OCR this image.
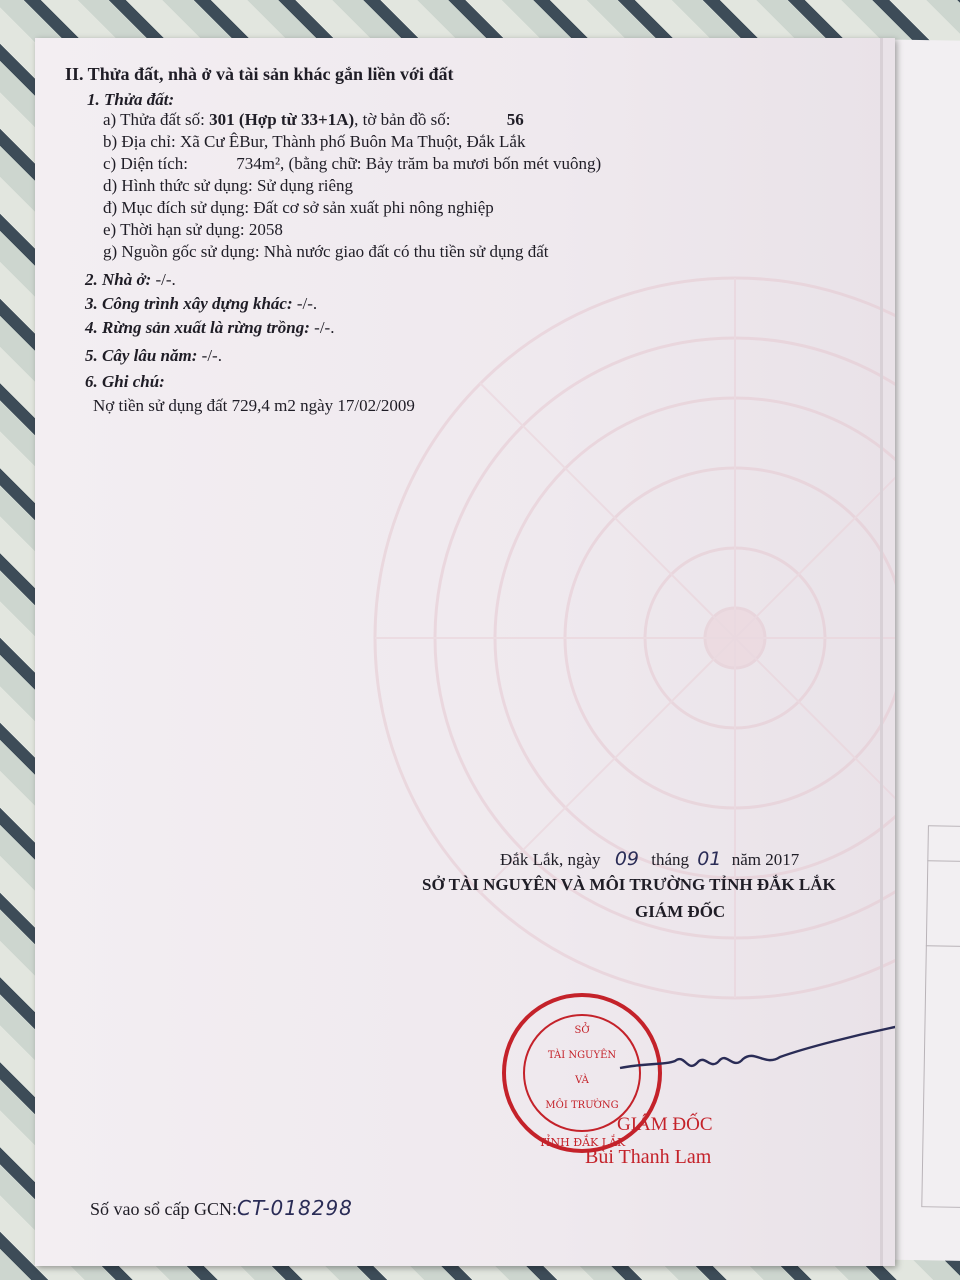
II. Thửa đất, nhà ở và tài sản khác gắn liền với đất
1. Thửa đất:
a) Thửa đất số: 301 (Hợp từ 33+1A), tờ bản đồ số:	56
b) Địa chỉ: Xã Cư ÊBur, Thành phố Buôn Ma Thuột, Đắk Lắk
c) Diện tích:	734m², (bằng chữ: Bảy trăm ba mươi bốn mét vuông)
d) Hình thức sử dụng: Sử dụng riêng
đ) Mục đích sử dụng: Đất cơ sở sản xuất phi nông nghiệp
e) Thời hạn sử dụng: 2058
g) Nguồn gốc sử dụng: Nhà nước giao đất có thu tiền sử dụng đất
2. Nhà ở: -/-.
3. Công trình xây dựng khác: -/-.
4. Rừng sản xuất là rừng trồng: -/-.
5. Cây lâu năm: -/-.
6. Ghi chú:
Nợ tiền sử dụng đất 729,4 m2 ngày 17/02/2009
Đắk Lắk, ngày 09 tháng 01 năm 2017
SỞ TÀI NGUYÊN VÀ MÔI TRƯỜNG TỈNH ĐẮK LẮK
GIÁM ĐỐC
SỞ
TÀI NGUYÊN
VÀ
MÔI TRƯỜNG
TỈNH ĐẮK LẮK
GIÁM ĐỐC
Bùi Thanh Lam
Số vao sổ cấp GCN:CT-018298
